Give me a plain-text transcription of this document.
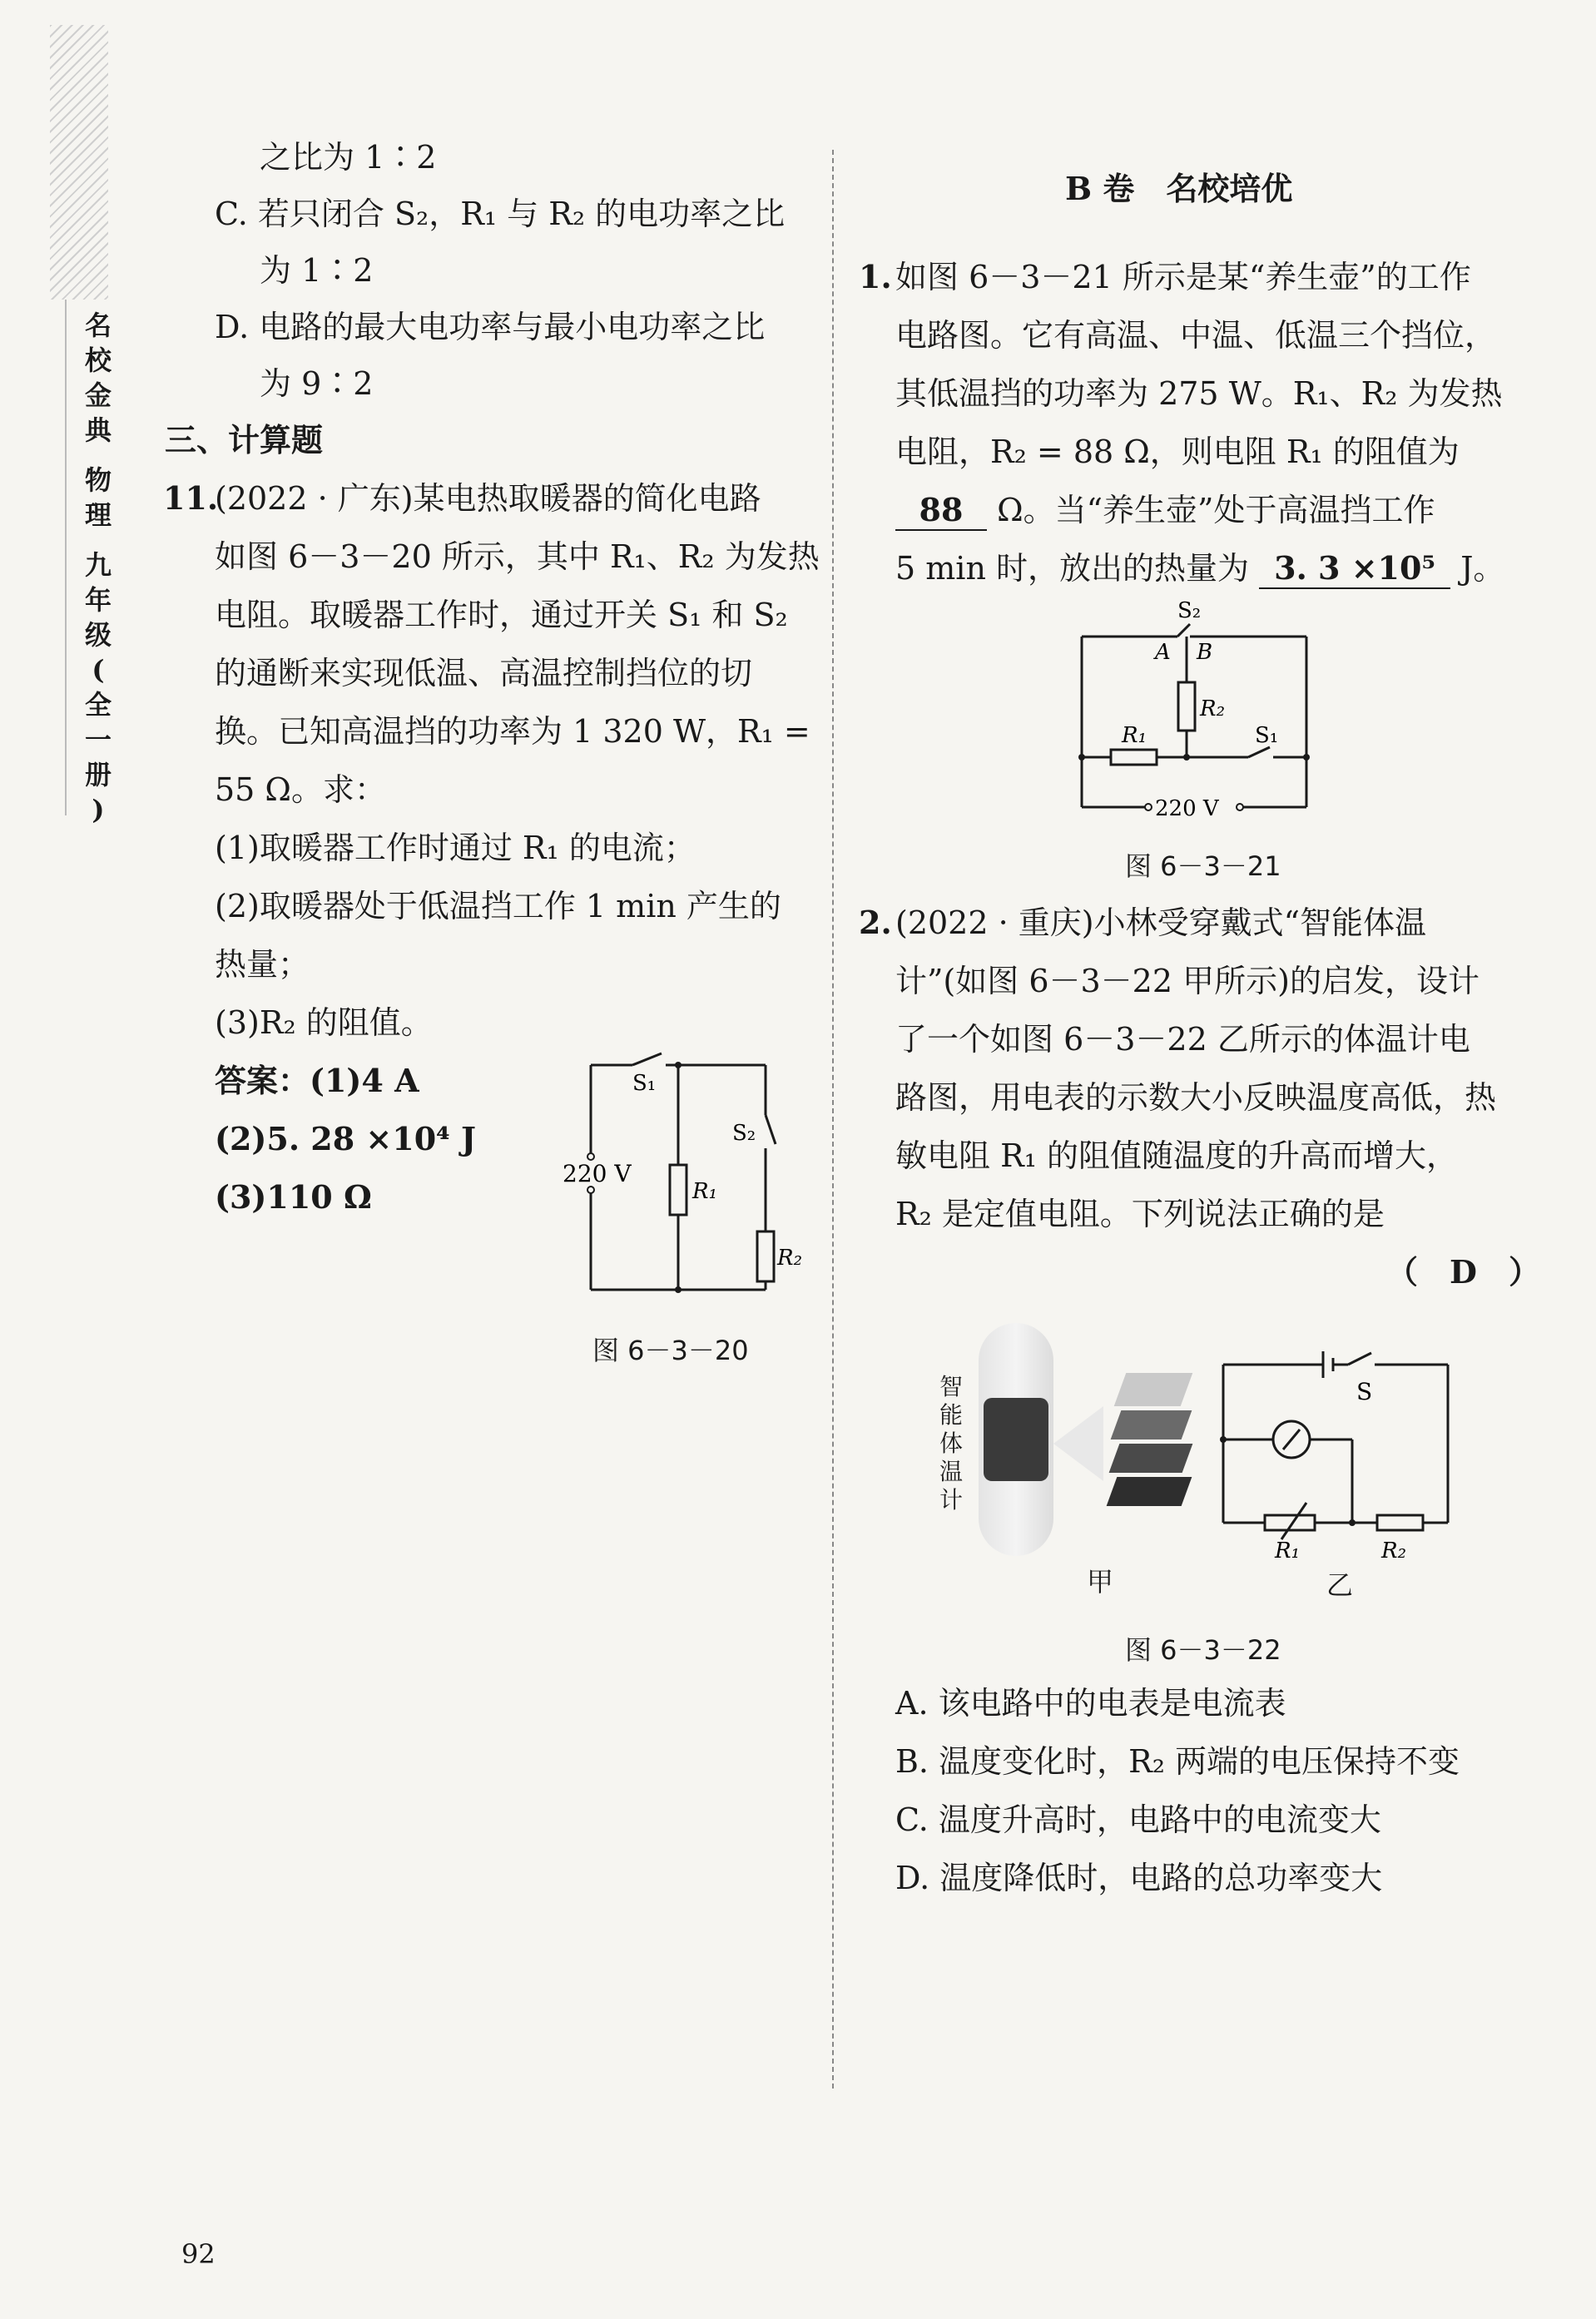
名
校
金
典
物
理
九
年
级
(
全
一
册
)
之比为 1∶2
C. 若只闭合 S₂，R₁ 与 R₂ 的电功率之比
为 1∶2
D. 电路的最大电功率与最小电功率之比
为 9∶2
三、计算题
11.
(2022 · 广东)某电热取暖器的简化电路
如图 6－3－20 所示，其中 R₁、R₂ 为发热
电阻。取暖器工作时，通过开关 S₁ 和 S₂
的通断来实现低温、高温控制挡位的切
换。已知高温挡的功率为 1 320 W，R₁ =
55 Ω。求：
(1)取暖器工作时通过 R₁ 的电流；
(2)取暖器处于低温挡工作 1 min 产生的
热量；
(3)R₂ 的阻值。
答案：(1)4 A
(2)5. 28 ×10⁴ J
(3)110 Ω
S₁
S₂
220 V
R₁
R₂
图 6－3－20
B 卷　名校培优
1. 如图 6－3－21 所示是某“养生壶”的工作
电路图。它有高温、中温、低温三个挡位，
其低温挡的功率为 275 W。R₁、R₂ 为发热
电阻，R₂ = 88 Ω，则电阻 R₁ 的阻值为
88 Ω。当“养生壶”处于高温挡工作
5 min 时，放出的热量为 3. 3 ×10⁵ J。
S₂
A B
R₂
R₁	S₁
220 V
图 6－3－21
2. (2022 · 重庆)小林受穿戴式“智能体温
计”(如图 6－3－22 甲所示)的启发，设计
了一个如图 6－3－22 乙所示的体温计电
路图，用电表的示数大小反映温度高低，热
敏电阻 R₁ 的阻值随温度的升高而增大，
R₂ 是定值电阻。下列说法正确的是
（　D　）
智能体温计
甲
S
R₁	R₂
乙
图 6－3－22
A. 该电路中的电表是电流表
B. 温度变化时，R₂ 两端的电压保持不变
C. 温度升高时，电路中的电流变大
D. 温度降低时，电路的总功率变大
92
